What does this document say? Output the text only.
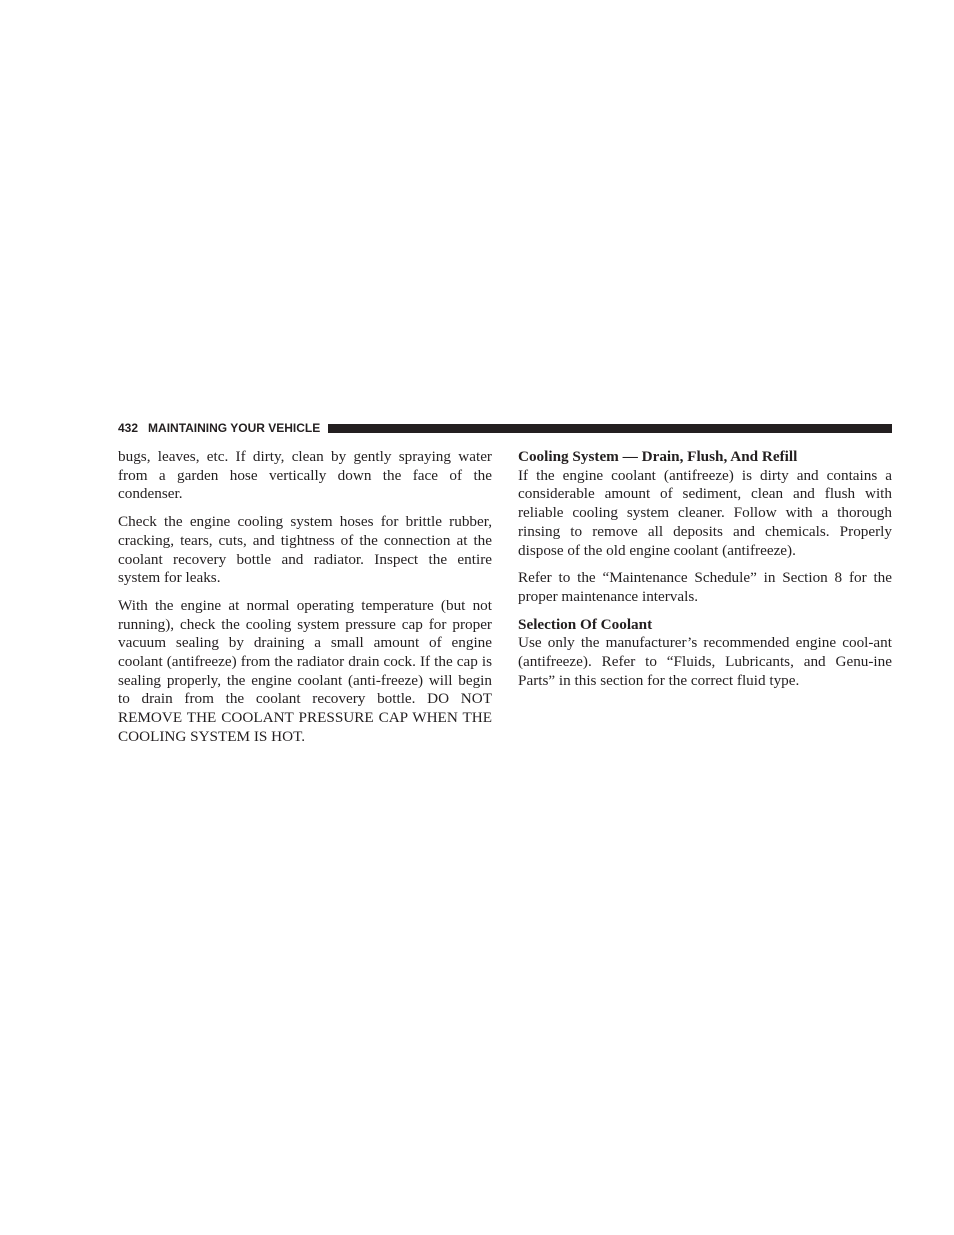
432 MAINTAINING YOUR VEHICLE

bugs, leaves, etc. If dirty, clean by gently spraying water from a garden hose vertically down the face of the condenser.

Check the engine cooling system hoses for brittle rubber, cracking, tears, cuts, and tightness of the connection at the coolant recovery bottle and radiator. Inspect the entire system for leaks.

With the engine at normal operating temperature (but not running), check the cooling system pressure cap for proper vacuum sealing by draining a small amount of engine coolant (antifreeze) from the radiator drain cock. If the cap is sealing properly, the engine coolant (anti-freeze) will begin to drain from the coolant recovery bottle. DO NOT REMOVE THE COOLANT PRESSURE CAP WHEN THE COOLING SYSTEM IS HOT.

Cooling System — Drain, Flush, And Refill

If the engine coolant (antifreeze) is dirty and contains a considerable amount of sediment, clean and flush with reliable cooling system cleaner. Follow with a thorough rinsing to remove all deposits and chemicals. Properly dispose of the old engine coolant (antifreeze).

Refer to the “Maintenance Schedule” in Section 8 for the proper maintenance intervals.

Selection Of Coolant

Use only the manufacturer’s recommended engine cool-ant (antifreeze). Refer to “Fluids, Lubricants, and Genu-ine Parts” in this section for the correct fluid type.
